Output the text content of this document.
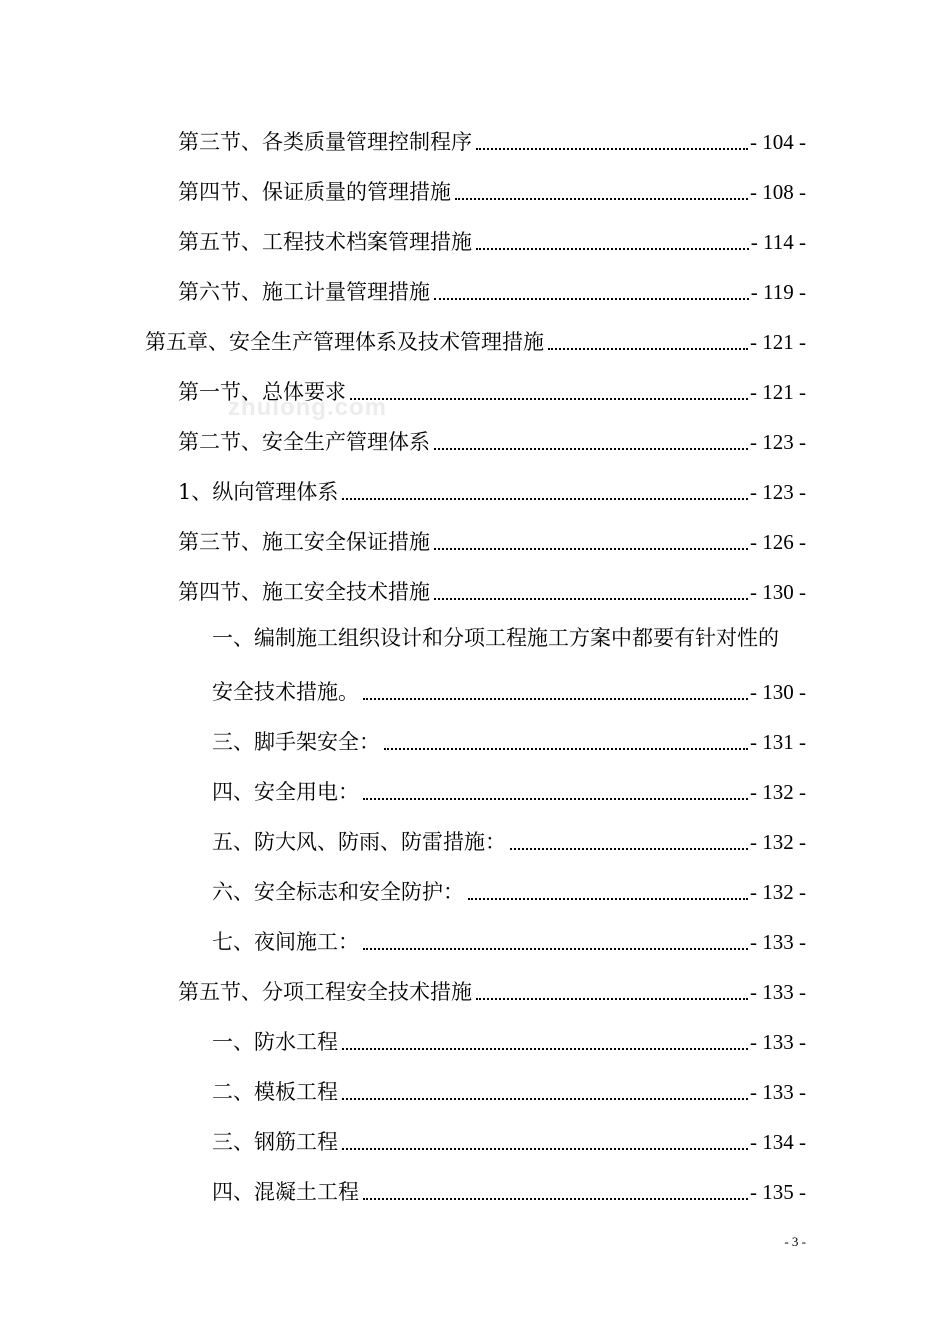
zhulong.com
第三节、各类质量管理控制程序	- 104 -
第四节、保证质量的管理措施	- 108 -
第五节、工程技术档案管理措施	- 114 -
第六节、施工计量管理措施	- 119 -
第五章、安全生产管理体系及技术管理措施	- 121 -
第一节、总体要求	- 121 -
第二节、安全生产管理体系	- 123 -
1、纵向管理体系	- 123 -
第三节、施工安全保证措施	- 126 -
第四节、施工安全技术措施	- 130 -
一、编制施工组织设计和分项工程施工方案中都要有针对性的
安全技术措施。	- 130 -
三、脚手架安全：	- 131 -
四、安全用电：	- 132 -
五、防大风、防雨、防雷措施：	- 132 -
六、安全标志和安全防护：	- 132 -
七、夜间施工：	- 133 -
第五节、分项工程安全技术措施	- 133 -
一、防水工程	- 133 -
二、模板工程	- 133 -
三、钢筋工程	- 134 -
四、混凝土工程	- 135 -
- 3 -
